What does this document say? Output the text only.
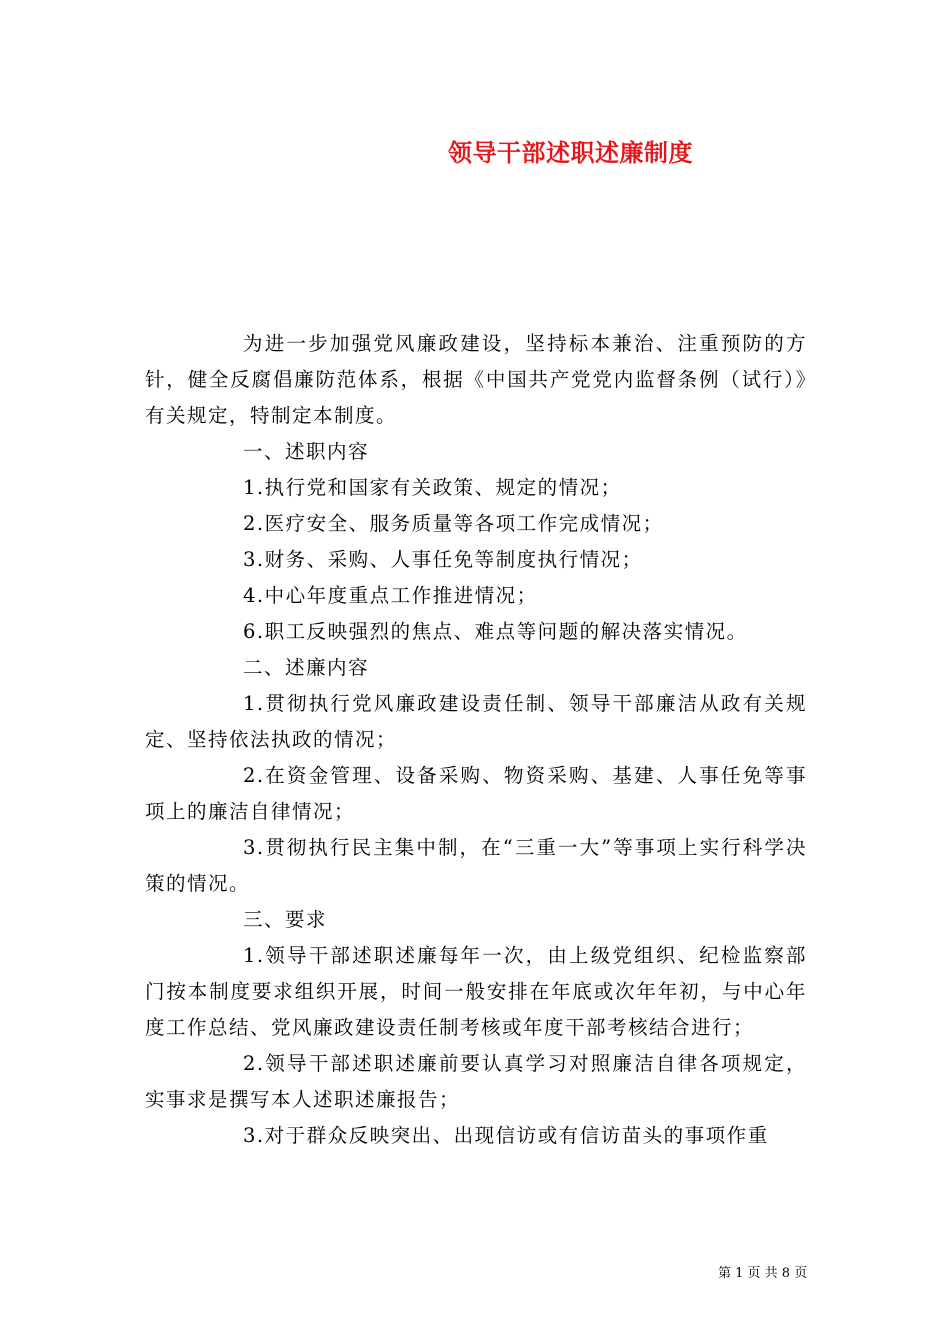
领导干部述职述廉制度

为进一步加强党风廉政建设，坚持标本兼治、注重预防的方针，健全反腐倡廉防范体系，根据《中国共产党党内监督条例（试行）》有关规定，特制定本制度。

一、述职内容

1.执行党和国家有关政策、规定的情况；

2.医疗安全、服务质量等各项工作完成情况；

3.财务、采购、人事任免等制度执行情况；

4.中心年度重点工作推进情况；

6.职工反映强烈的焦点、难点等问题的解决落实情况。

二、述廉内容

1.贯彻执行党风廉政建设责任制、领导干部廉洁从政有关规定、坚持依法执政的情况；

2.在资金管理、设备采购、物资采购、基建、人事任免等事项上的廉洁自律情况；

3.贯彻执行民主集中制，在“三重一大”等事项上实行科学决策的情况。

三、要求

1.领导干部述职述廉每年一次，由上级党组织、纪检监察部门按本制度要求组织开展，时间一般安排在年底或次年年初，与中心年度工作总结、党风廉政建设责任制考核或年度干部考核结合进行；

2.领导干部述职述廉前要认真学习对照廉洁自律各项规定，实事求是撰写本人述职述廉报告；

3.对于群众反映突出、出现信访或有信访苗头的事项作重

第 1 页 共 8 页
